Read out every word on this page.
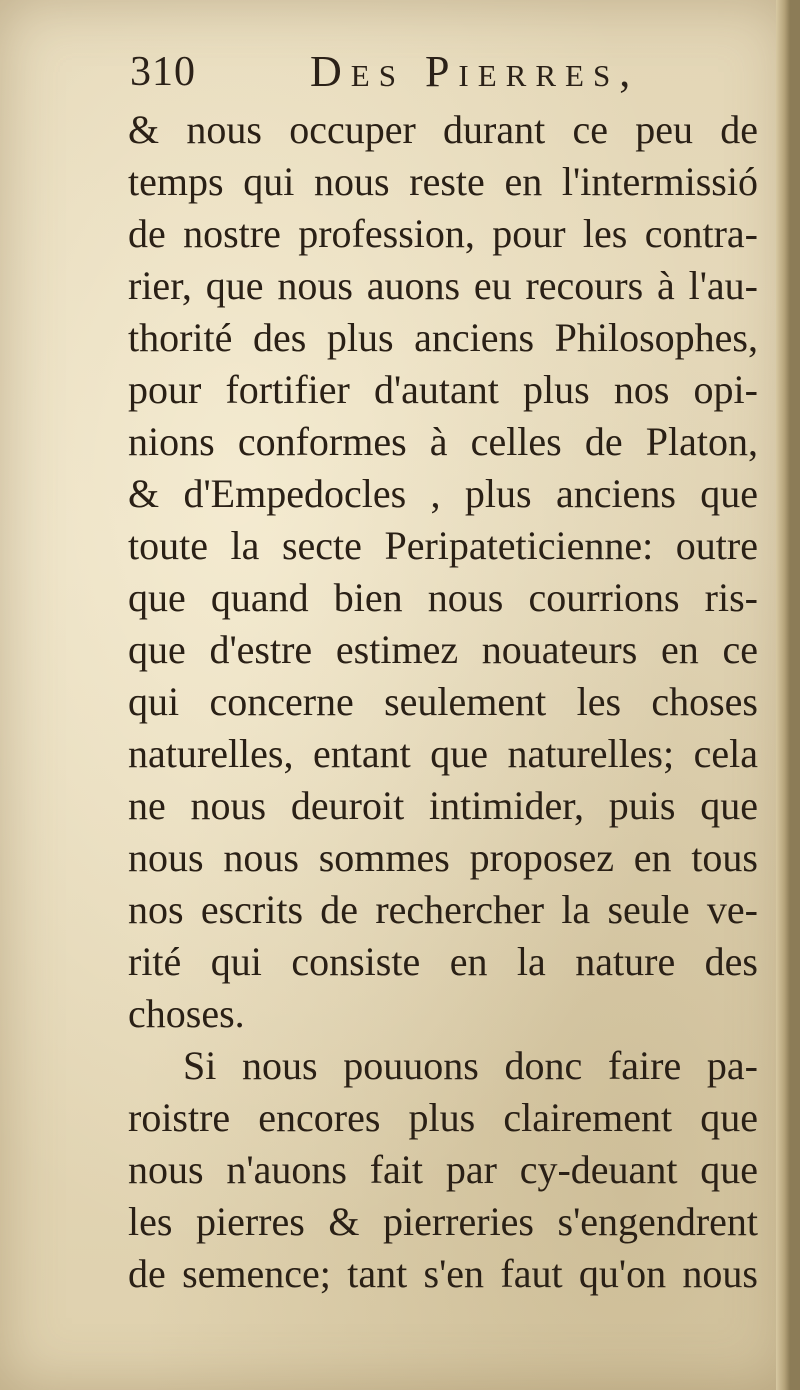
310	Des Pierres,
& nous occuper durant ce peu de
temps qui nous reste en l'intermissió
de nostre profession, pour les contra-
rier, que nous auons eu recours à l'au-
thorité des plus anciens Philosophes,
pour fortifier d'autant plus nos opi-
nions conformes à celles de Platon,
& d'Empedocles , plus anciens que
toute la secte Peripateticienne: outre
que quand bien nous courrions ris-
que d'estre estimez nouateurs en ce
qui concerne seulement les choses
naturelles, entant que naturelles; cela
ne nous deuroit intimider, puis que
nous nous sommes proposez en tous
nos escrits de rechercher la seule ve-
rité qui consiste en la nature des
choses.
Si nous pouuons donc faire pa-
roistre encores plus clairement que
nous n'auons fait par cy-deuant que
les pierres & pierreries s'engendrent
de semence; tant s'en faut qu'on nous
